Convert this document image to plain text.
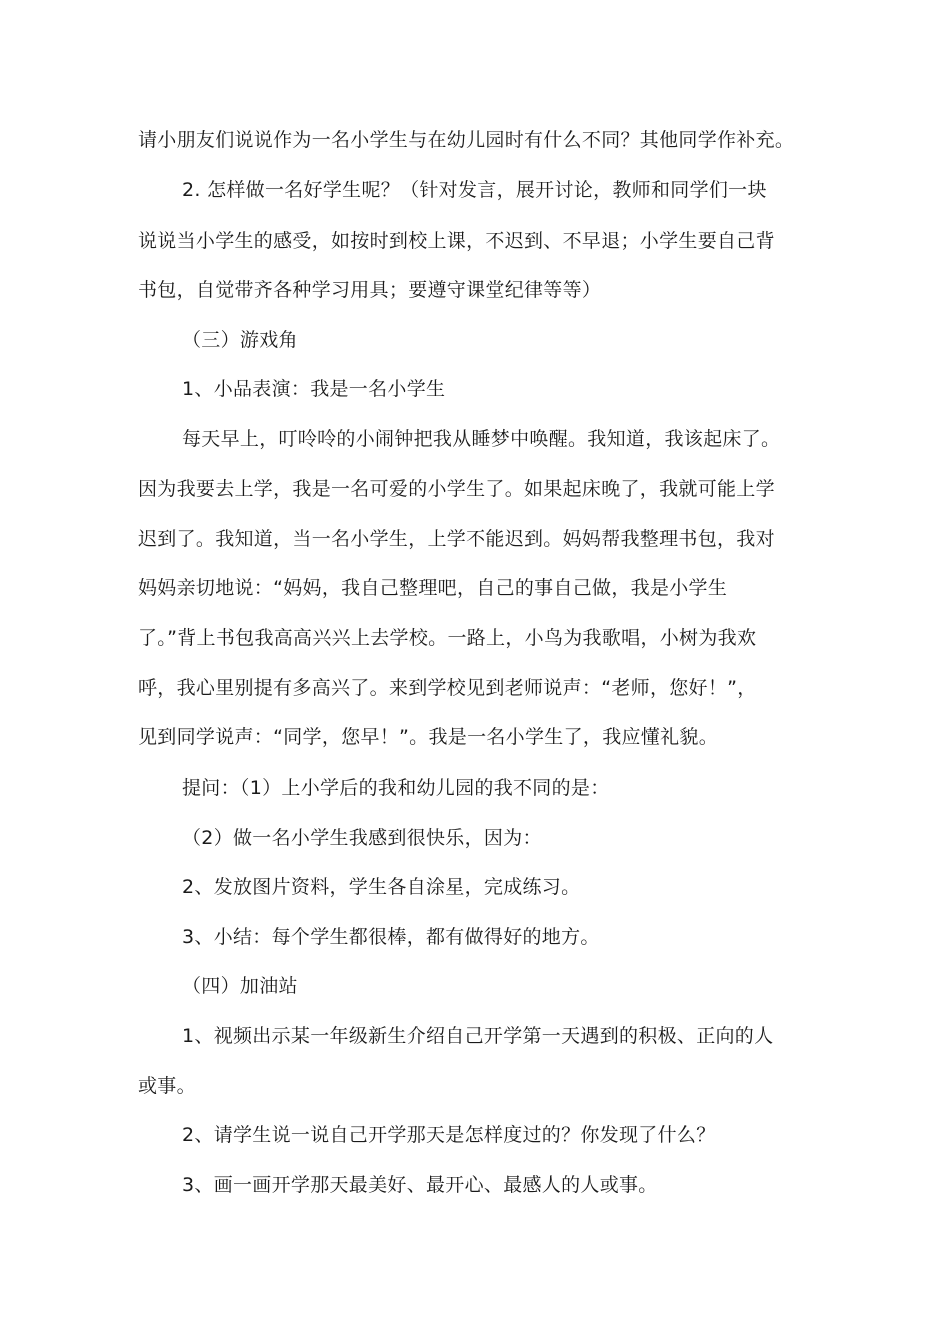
请小朋友们说说作为一名小学生与在幼儿园时有什么不同？其他同学作补充。
2. 怎样做一名好学生呢？（针对发言，展开讨论，教师和同学们一块
说说当小学生的感受，如按时到校上课，不迟到、不早退；小学生要自己背
书包，自觉带齐各种学习用具；要遵守课堂纪律等等）
（三）游戏角
1、小品表演：我是一名小学生
每天早上，叮呤呤的小闹钟把我从睡梦中唤醒。我知道，我该起床了。
因为我要去上学，我是一名可爱的小学生了。如果起床晚了，我就可能上学
迟到了。我知道，当一名小学生，上学不能迟到。妈妈帮我整理书包，我对
妈妈亲切地说：“妈妈，我自己整理吧，自己的事自己做，我是小学生
了。”背上书包我高高兴兴上去学校。一路上，小鸟为我歌唱，小树为我欢
呼，我心里别提有多高兴了。来到学校见到老师说声：“老师，您好！”，
见到同学说声：“同学，您早！”。我是一名小学生了，我应懂礼貌。
提问：（1）上小学后的我和幼儿园的我不同的是：
（2）做一名小学生我感到很快乐，因为：
2、发放图片资料，学生各自涂星，完成练习。
3、小结：每个学生都很棒，都有做得好的地方。
（四）加油站
1、视频出示某一年级新生介绍自己开学第一天遇到的积极、正向的人
或事。
2、请学生说一说自己开学那天是怎样度过的？你发现了什么？
3、画一画开学那天最美好、最开心、最感人的人或事。
